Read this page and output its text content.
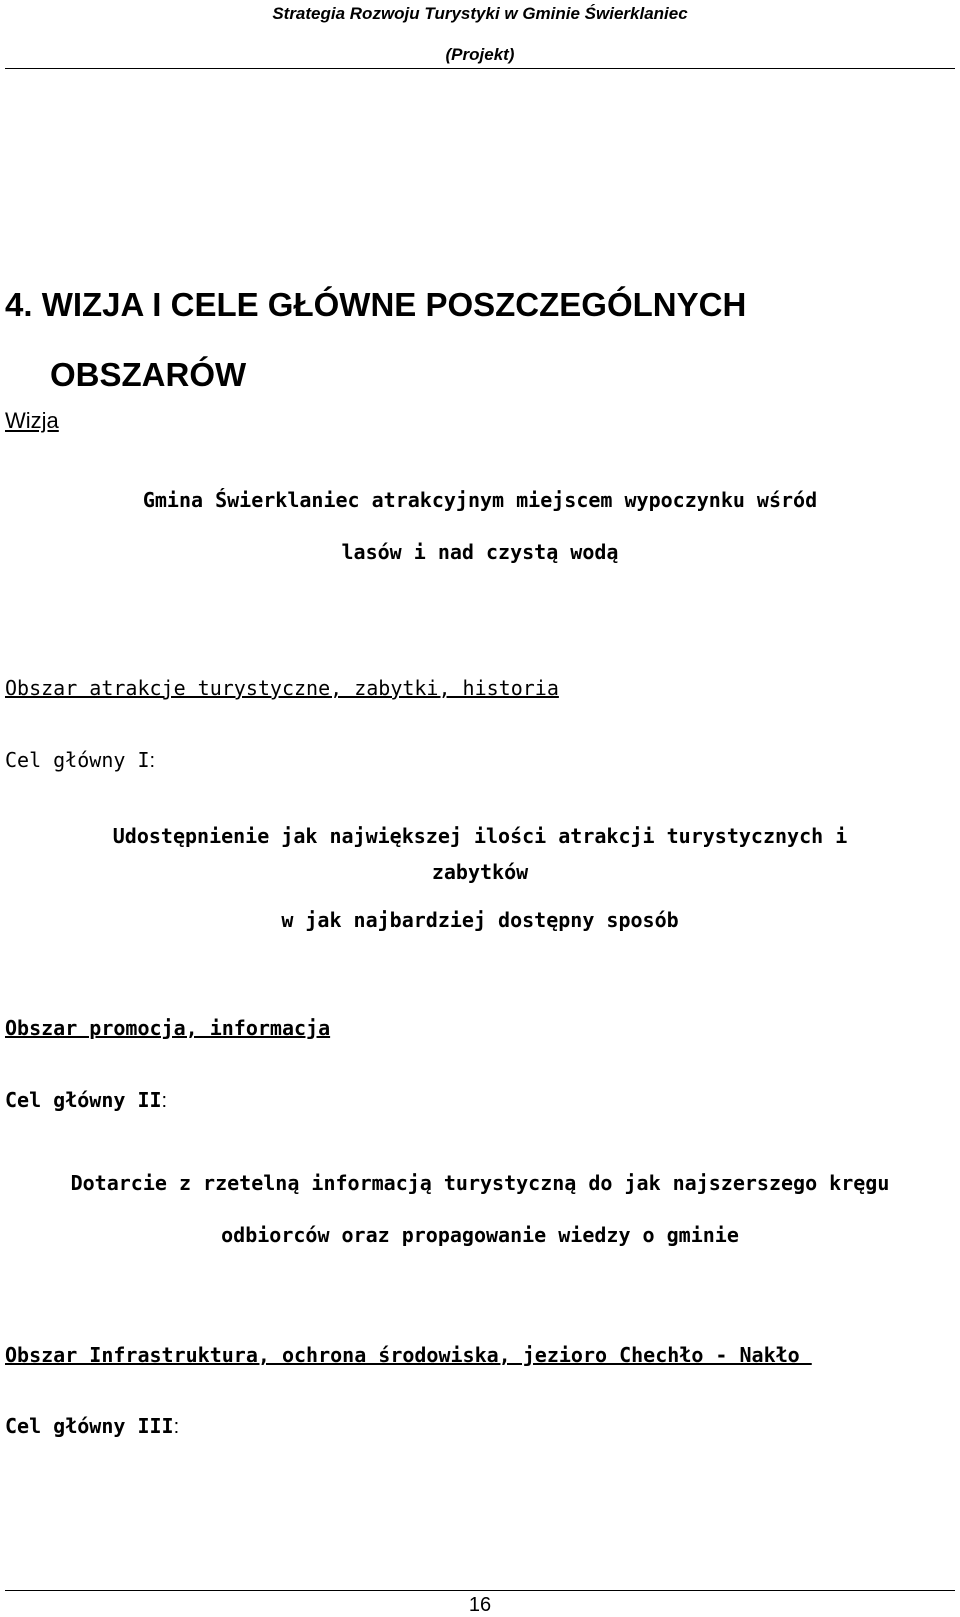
Strategia Rozwoju Turystyki w Gminie Świerklaniec
(Projekt)
4. WIZJA I CELE GŁÓWNE POSZCZEGÓLNYCH
OBSZARÓW
Wizja
Gmina Świerklaniec atrakcyjnym miejscem wypoczynku wśród
lasów i nad czystą wodą
Obszar atrakcje turystyczne, zabytki, historia
Cel główny I:
Udostępnienie jak największej ilości atrakcji turystycznych i
zabytków
w jak najbardziej dostępny sposób
Obszar promocja, informacja
Cel główny II:
Dotarcie z rzetelną informacją turystyczną do jak najszerszego kręgu
odbiorców oraz propagowanie wiedzy o gminie
Obszar Infrastruktura, ochrona środowiska, jezioro Chechło - Nakło
Cel główny III:
16
